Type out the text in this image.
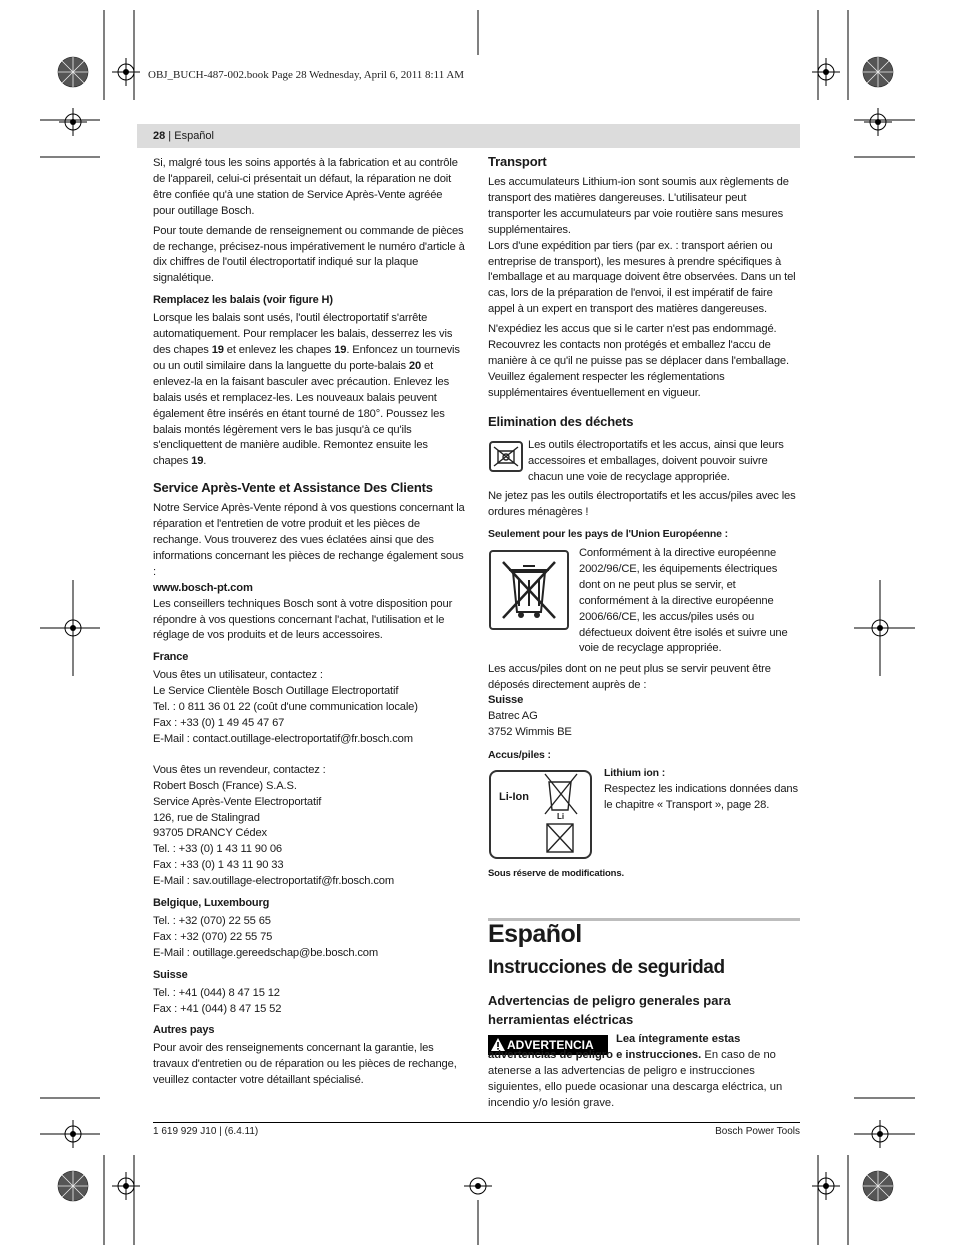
OBJ_BUCH-487-002.book Page 28 Wednesday, April 6, 2011 8:11 AM
28 | Español

Si, malgré tous les soins apportés à la fabrication et au contrôle de l'appareil, celui-ci présentait un défaut, la réparation ne doit être confiée qu'à une station de Service Après-Vente agréée pour outillage Bosch.

Pour toute demande de renseignement ou commande de pièces de rechange, précisez-nous impérativement le numéro d'article à dix chiffres de l'outil électroportatif indiqué sur la plaque signalétique.

Remplacez les balais (voir figure H)

Lorsque les balais sont usés, l'outil électroportatif s'arrête automatiquement. Pour remplacer les balais, desserrez les vis des chapes 19 et enlevez les chapes 19. Enfoncez un tournevis ou un outil similaire dans la languette du porte-balais 20 et enlevez-la en la faisant basculer avec précaution. Enlevez les balais usés et remplacez-les. Les nouveaux balais peuvent également être insérés en étant tourné de 180°. Poussez les balais montés légèrement vers le bas jusqu'à ce qu'ils s'encliquettent de manière audible. Remontez ensuite les chapes 19.

Service Après-Vente et Assistance Des Clients

Notre Service Après-Vente répond à vos questions concernant la réparation et l'entretien de votre produit et les pièces de rechange. Vous trouverez des vues éclatées ainsi que des informations concernant les pièces de rechange également sous :

www.bosch-pt.com

Les conseillers techniques Bosch sont à votre disposition pour répondre à vos questions concernant l'achat, l'utilisation et le réglage de vos produits et de leurs accessoires.

France
Vous êtes un utilisateur, contactez :
Le Service Clientèle Bosch Outillage Electroportatif
Tel. : 0 811 36 01 22 (coût d'une communication locale)
Fax : +33 (0) 1 49 45 47 67
E-Mail : contact.outillage-electroportatif@fr.bosch.com
Vous êtes un revendeur, contactez :
Robert Bosch (France) S.A.S.
Service Après-Vente Electroportatif
126, rue de Stalingrad
93705 DRANCY Cédex
Tel. : +33 (0) 1 43 11 90 06
Fax : +33 (0) 1 43 11 90 33
E-Mail : sav.outillage-electroportatif@fr.bosch.com
Belgique, Luxembourg
Tel. : +32 (070) 22 55 65
Fax : +32 (070) 22 55 75
E-Mail : outillage.gereedschap@be.bosch.com
Suisse
Tel. : +41 (044) 8 47 15 12
Fax : +41 (044) 8 47 15 52
Autres pays

Pour avoir des renseignements concernant la garantie, les travaux d'entretien ou de réparation ou les pièces de rechange, veuillez contacter votre détaillant spécialisé.

Transport

Les accumulateurs Lithium-ion sont soumis aux règlements de transport des matières dangereuses. L'utilisateur peut transporter les accumulateurs par voie routière sans mesures supplémentaires.

Lors d'une expédition par tiers (par ex. : transport aérien ou entreprise de transport), les mesures à prendre spécifiques à l'emballage et au marquage doivent être observées. Dans un tel cas, lors de la préparation de l'envoi, il est impératif de faire appel à un expert en transport des matières dangereuses.

N'expédiez les accus que si le carter n'est pas endommagé. Recouvrez les contacts non protégés et emballez l'accu de manière à ce qu'il ne puisse pas se déplacer dans l'emballage. Veuillez également respecter les réglementations supplémentaires éventuellement en vigueur.

Elimination des déchets
Les outils électroportatifs et les accus, ainsi que leurs accessoires et emballages, doivent pouvoir suivre chacun une voie de recyclage appropriée.
Ne jetez pas les outils électroportatifs et les accus/piles avec les ordures ménagères !
Seulement pour les pays de l'Union Européenne :
Conformément à la directive européenne 2002/96/CE, les équipements électriques dont on ne peut plus se servir, et conformément à la directive européenne 2006/66/CE, les accus/piles usés ou défectueux doivent être isolés et suivre une voie de recyclage appropriée.
Les accus/piles dont on ne peut plus se servir peuvent être déposés directement auprès de :
Suisse
Batrec AG
3752 Wimmis BE
Accus/piles :
Li-Ion
Li
Lithium ion :
Respectez les indications données dans le chapitre « Transport », page 28.
Sous réserve de modifications.
Español
Instrucciones de seguridad
Advertencias de peligro generales para herramientas eléctricas
ADVERTENCIA	Lea íntegramente estas advertencias de peligro e instrucciones. En caso de no atenerse a las advertencias de peligro e instrucciones siguientes, ello puede ocasionar una descarga eléctrica, un incendio y/o lesión grave.
1 619 929 J10 | (6.4.11)	Bosch Power Tools
